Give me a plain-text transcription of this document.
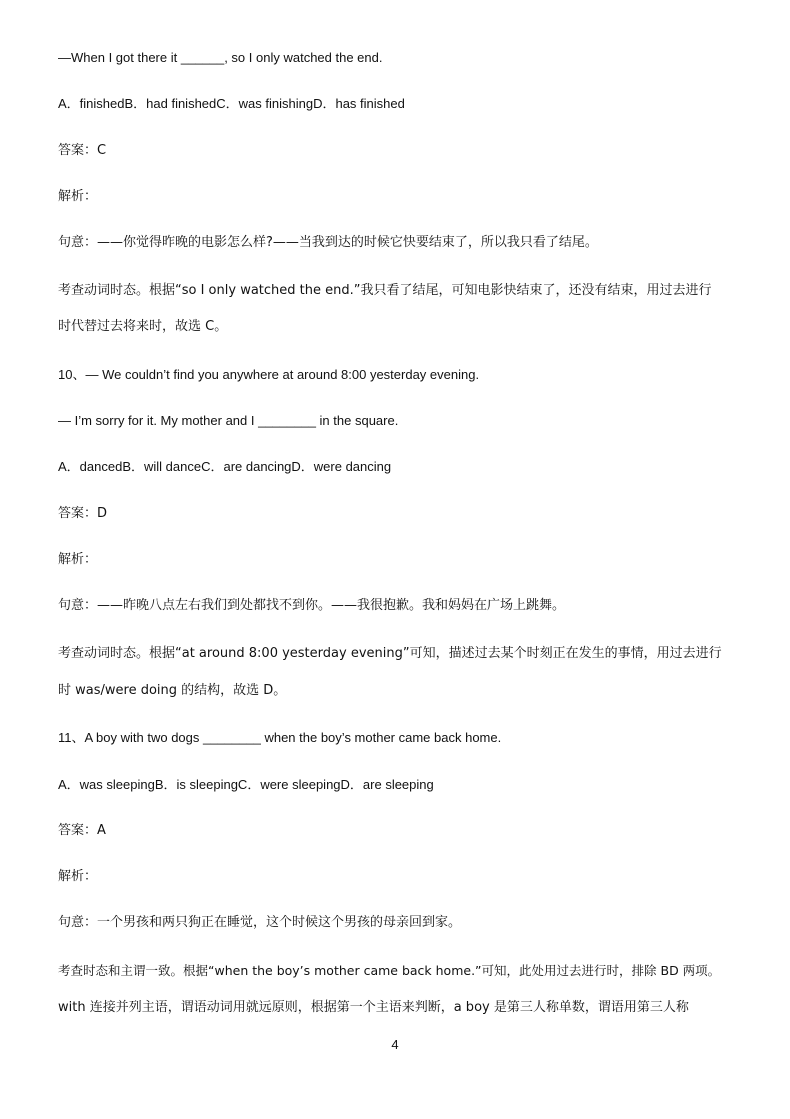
—When I got there it ______, so I only watched the end.
A．finishedB．had finishedC．was finishingD．has finished
答案：C
解析：
句意：——你觉得昨晚的电影怎么样?——当我到达的时候它快要结束了，所以我只看了结尾。
考查动词时态。根据“so I only watched the end.”我只看了结尾，可知电影快结束了，还没有结束，用过去进行
时代替过去将来时，故选 C。
10、— We couldn’t find you anywhere at around 8:00 yesterday evening.
— I’m sorry for it. My mother and I ________ in the square.
A．dancedB．will danceC．are dancingD．were dancing
答案：D
解析：
句意：——昨晚八点左右我们到处都找不到你。——我很抱歉。我和妈妈在广场上跳舞。
考查动词时态。根据“at around 8:00 yesterday evening”可知，描述过去某个时刻正在发生的事情，用过去进行
时 was/were doing 的结构，故选 D。
11、A boy with two dogs ________ when the boy’s mother came back home.
A．was sleepingB．is sleepingC．were sleepingD．are sleeping
答案：A
解析：
句意：一个男孩和两只狗正在睡觉，这个时候这个男孩的母亲回到家。
考查时态和主谓一致。根据“when the boy’s mother came back home.”可知，此处用过去进行时，排除 BD 两项。
with 连接并列主语，谓语动词用就远原则，根据第一个主语来判断，a boy 是第三人称单数，谓语用第三人称
4
